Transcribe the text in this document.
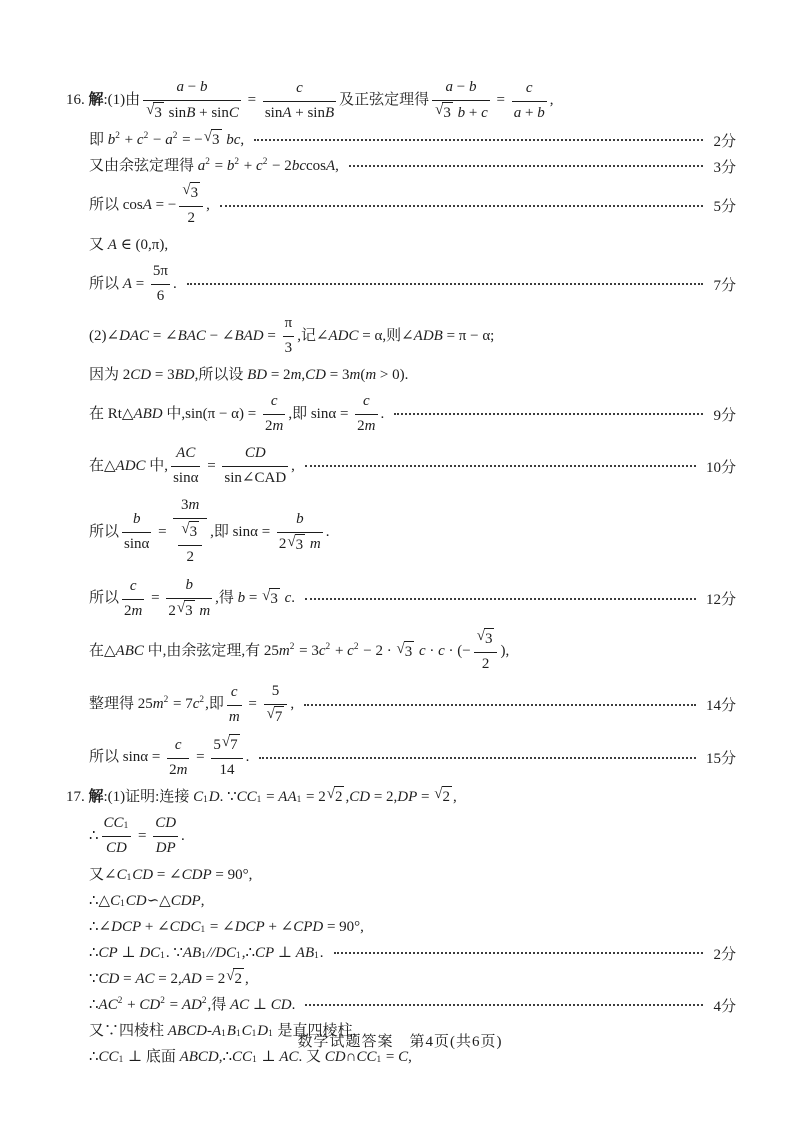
16. 解 :(1)由 $\frac{a - b}{\text{√ 3 sin B + sin C}} = \frac{c}{\text{sin A + sin B}}$ 及正弦定理得 a − b
√ 3
$b + c = \frac{c}{a + b}$ ,
即 b 2 + c 2 − a 2 = − √ 3
bc ,	2分
又由余弦定理得 a 2 = b 2 + c 2 − 2 bc cos A ,	3分
所以 cos A = − $\frac{√ 3}{2}$ ,	5分
又 A ∈ (0,π),
所以 $A = \frac{5\pi}{6}$ .	7分
(2)∠ DAC = ∠ BAC − ∠ BAD = $\frac{\pi}{3}$ ,记∠ ADC = α,则∠ ADB = π − α;
因为 2 CD = 3 BD ,所以设 BD = 2 m , CD = 3 m ( m > 0).
在 Rt△ ABD 中$,\sin(\pi - \alpha) = \frac{c}{2 m}$ ,即 $\sin\alpha = \frac{c}{2 m}$ .	9分
在△ ADC 中, $\frac{AC}{\sin\alpha} = \frac{CD}{\text{sin∠CAD}}$ ,	10分
所以 $\frac{b}{\sin\alpha} = \frac{3 m}{\frac{√ 3}{2}}$ ,即 sinα = b
2 √ 3
m .
所以 $\frac{c}{2 m} = b$
2 √ 3
m ,得 b = √ 3
c .	12分
在△ ABC 中,由余弦定理,有 25 m 2 = 3 c 2 + c 2 − 2 · √ 3
c · c · (− $\frac{√ 3}{2}$ ),
整理得 25 m 2 = 7 c 2 ,即 $\frac{c}{m} = \frac{5}{√ 7}$ ,	14分
所以 $\sin\alpha = \frac{c}{2 m} = \frac{5 √ 7}{14}$ .	15分
17. 解 :(1)证明:连接 C 1 D . ∵ CC 1 = AA 1 = 2 √ 2 , CD = 2, DP = √ 2 ,
∴ $\frac{CC 1}{CD} = \frac{CD}{DP}$ .
又∠ C 1 CD = ∠ CDP = 90°,
∴△ C 1 CD ∽△ CDP ,
∴∠ DCP + ∠ CDC 1 = ∠ DCP + ∠ CPD = 90°,
∴ CP ⊥ DC 1 . ∵ AB 1 // DC 1 ,∴ CP ⊥ AB 1 .	2分
∵ CD = AC = 2, AD = 2 √ 2 ,
∴ AC 2 + CD 2 = AD 2 ,得 AC ⊥ CD .	4分
又∵四棱柱 ABCD - A 1 B 1 C 1 D 1 是直四棱柱,
∴ CC 1 ⊥ 底面 ABCD ,∴ CC 1 ⊥ AC . 又 CD ∩ CC 1 = C ,
数学试题答案　第4页(共6页)
